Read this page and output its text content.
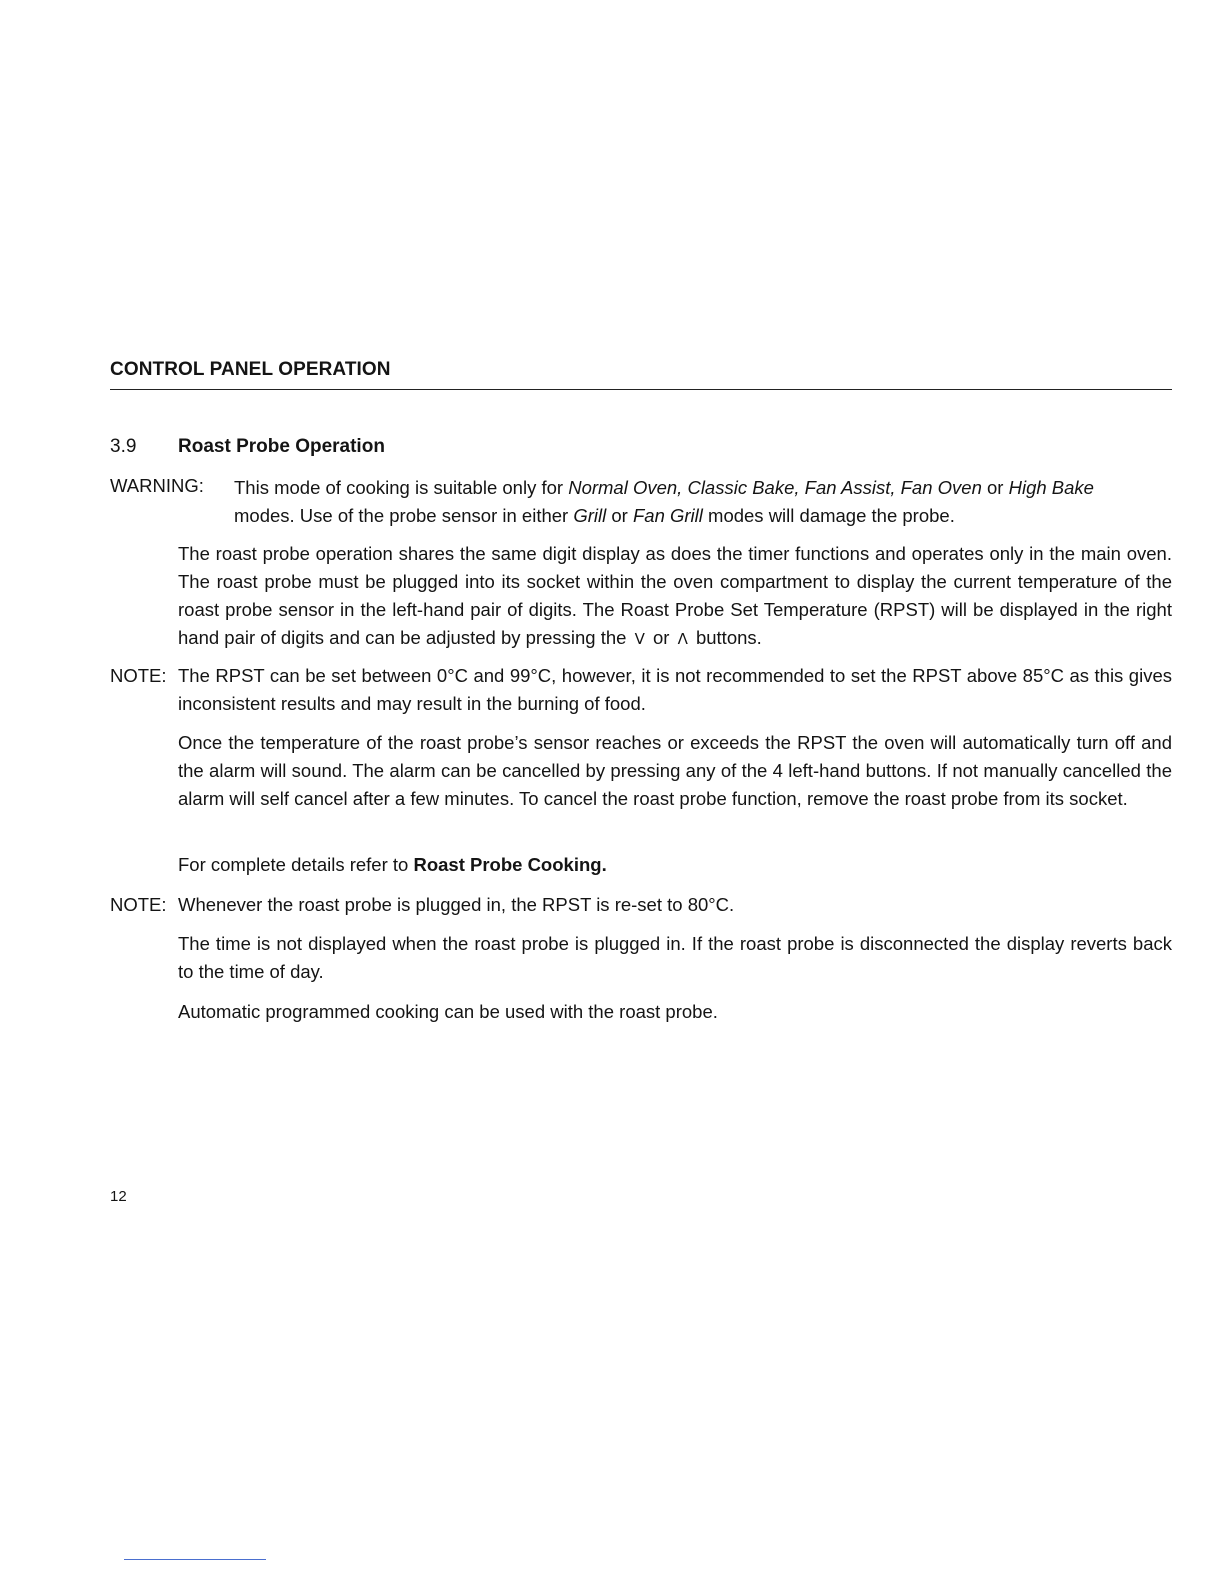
CONTROL PANEL OPERATION
3.9 Roast Probe Operation
WARNING: This mode of cooking is suitable only for Normal Oven, Classic Bake, Fan Assist, Fan Oven or High Bake
modes. Use of the probe sensor in either Grill or Fan Grill modes will damage the probe.
The roast probe operation shares the same digit display as does the timer functions and operates only in the main oven. The roast probe must be plugged into its socket within the oven compartment to display the current temperature of the roast probe sensor in the left-hand pair of digits. The Roast Probe Set Temperature (RPST) will be displayed in the right hand pair of digits and can be adjusted by pressing the V or Λ buttons.
NOTE: The RPST can be set between 0°C and 99°C, however, it is not recommended to set the RPST above 85°C as this gives inconsistent results and may result in the burning of food.
Once the temperature of the roast probe’s sensor reaches or exceeds the RPST the oven will automatically turn off and the alarm will sound. The alarm can be cancelled by pressing any of the 4 left-hand buttons. If not manually cancelled the alarm will self cancel after a few minutes. To cancel the roast probe function, remove the roast probe from its socket.
For complete details refer to Roast Probe Cooking.
NOTE: Whenever the roast probe is plugged in, the RPST is re-set to 80°C.
The time is not displayed when the roast probe is plugged in. If the roast probe is disconnected the display reverts back to the time of day.
Automatic programmed cooking can be used with the roast probe.
12
